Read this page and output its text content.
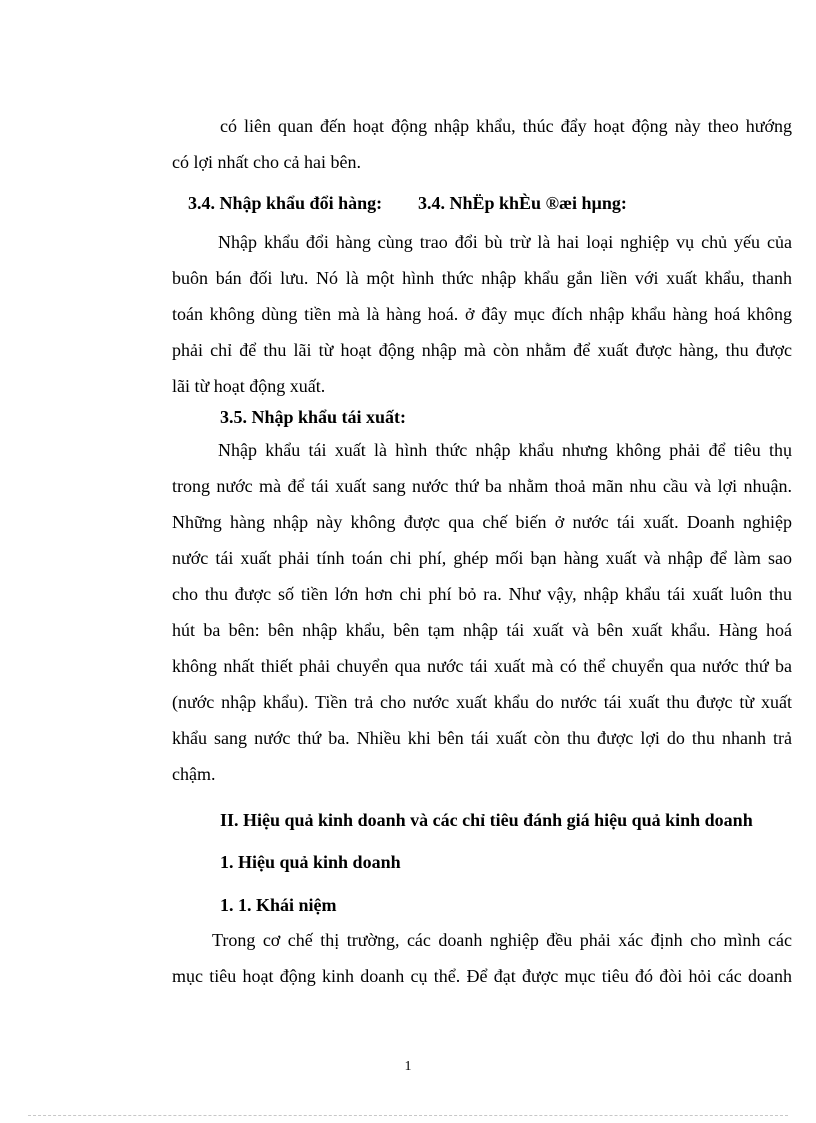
có liên quan đến hoạt động nhập khẩu, thúc đẩy hoạt động này theo hướng
có lợi nhất cho cả hai bên.
3.4. Nhập khẩu đổi hàng: 3.4. NhËp khÈu ®æi hµng:
Nhập khẩu đổi hàng cùng trao đổi bù trừ là hai loại nghiệp vụ chủ yếu của
buôn bán đối lưu. Nó là một hình thức nhập khẩu gắn liền với xuất khẩu, thanh
toán không dùng tiền mà là hàng hoá. ở đây mục đích nhập khẩu hàng hoá không
phải chỉ để thu lãi từ hoạt động nhập mà còn nhằm để xuất được hàng, thu được
lãi từ hoạt động xuất.
3.5. Nhập khẩu tái xuất:
Nhập khẩu tái xuất là hình thức nhập khẩu nhưng không phải để tiêu thụ
trong nước mà để tái xuất sang nước thứ ba nhằm thoả mãn nhu cầu và lợi nhuận.
Những hàng nhập này không được qua chế biến ở nước tái xuất. Doanh nghiệp
nước tái xuất phải tính toán chi phí, ghép mối bạn hàng xuất và nhập để làm sao
cho thu được số tiền lớn hơn chi phí bỏ ra. Như vậy, nhập khẩu tái xuất luôn thu
hút ba bên: bên nhập khẩu, bên tạm nhập tái xuất và bên xuất khẩu. Hàng hoá
không nhất thiết phải chuyển qua nước tái xuất mà có thể chuyển qua nước thứ ba
(nước nhập khẩu). Tiền trả cho nước xuất khẩu do nước tái xuất thu được từ xuất
khẩu sang nước thứ ba. Nhiều khi bên tái xuất còn thu được lợi do thu nhanh trả
chậm.
II. Hiệu quả kinh doanh và các chỉ tiêu đánh giá hiệu quả kinh doanh
1. Hiệu quả kinh doanh
1. 1. Khái niệm
Trong cơ chế thị trường, các doanh nghiệp đều phải xác định cho mình các
mục tiêu hoạt động kinh doanh cụ thể. Để đạt được mục tiêu đó đòi hỏi các doanh
1
